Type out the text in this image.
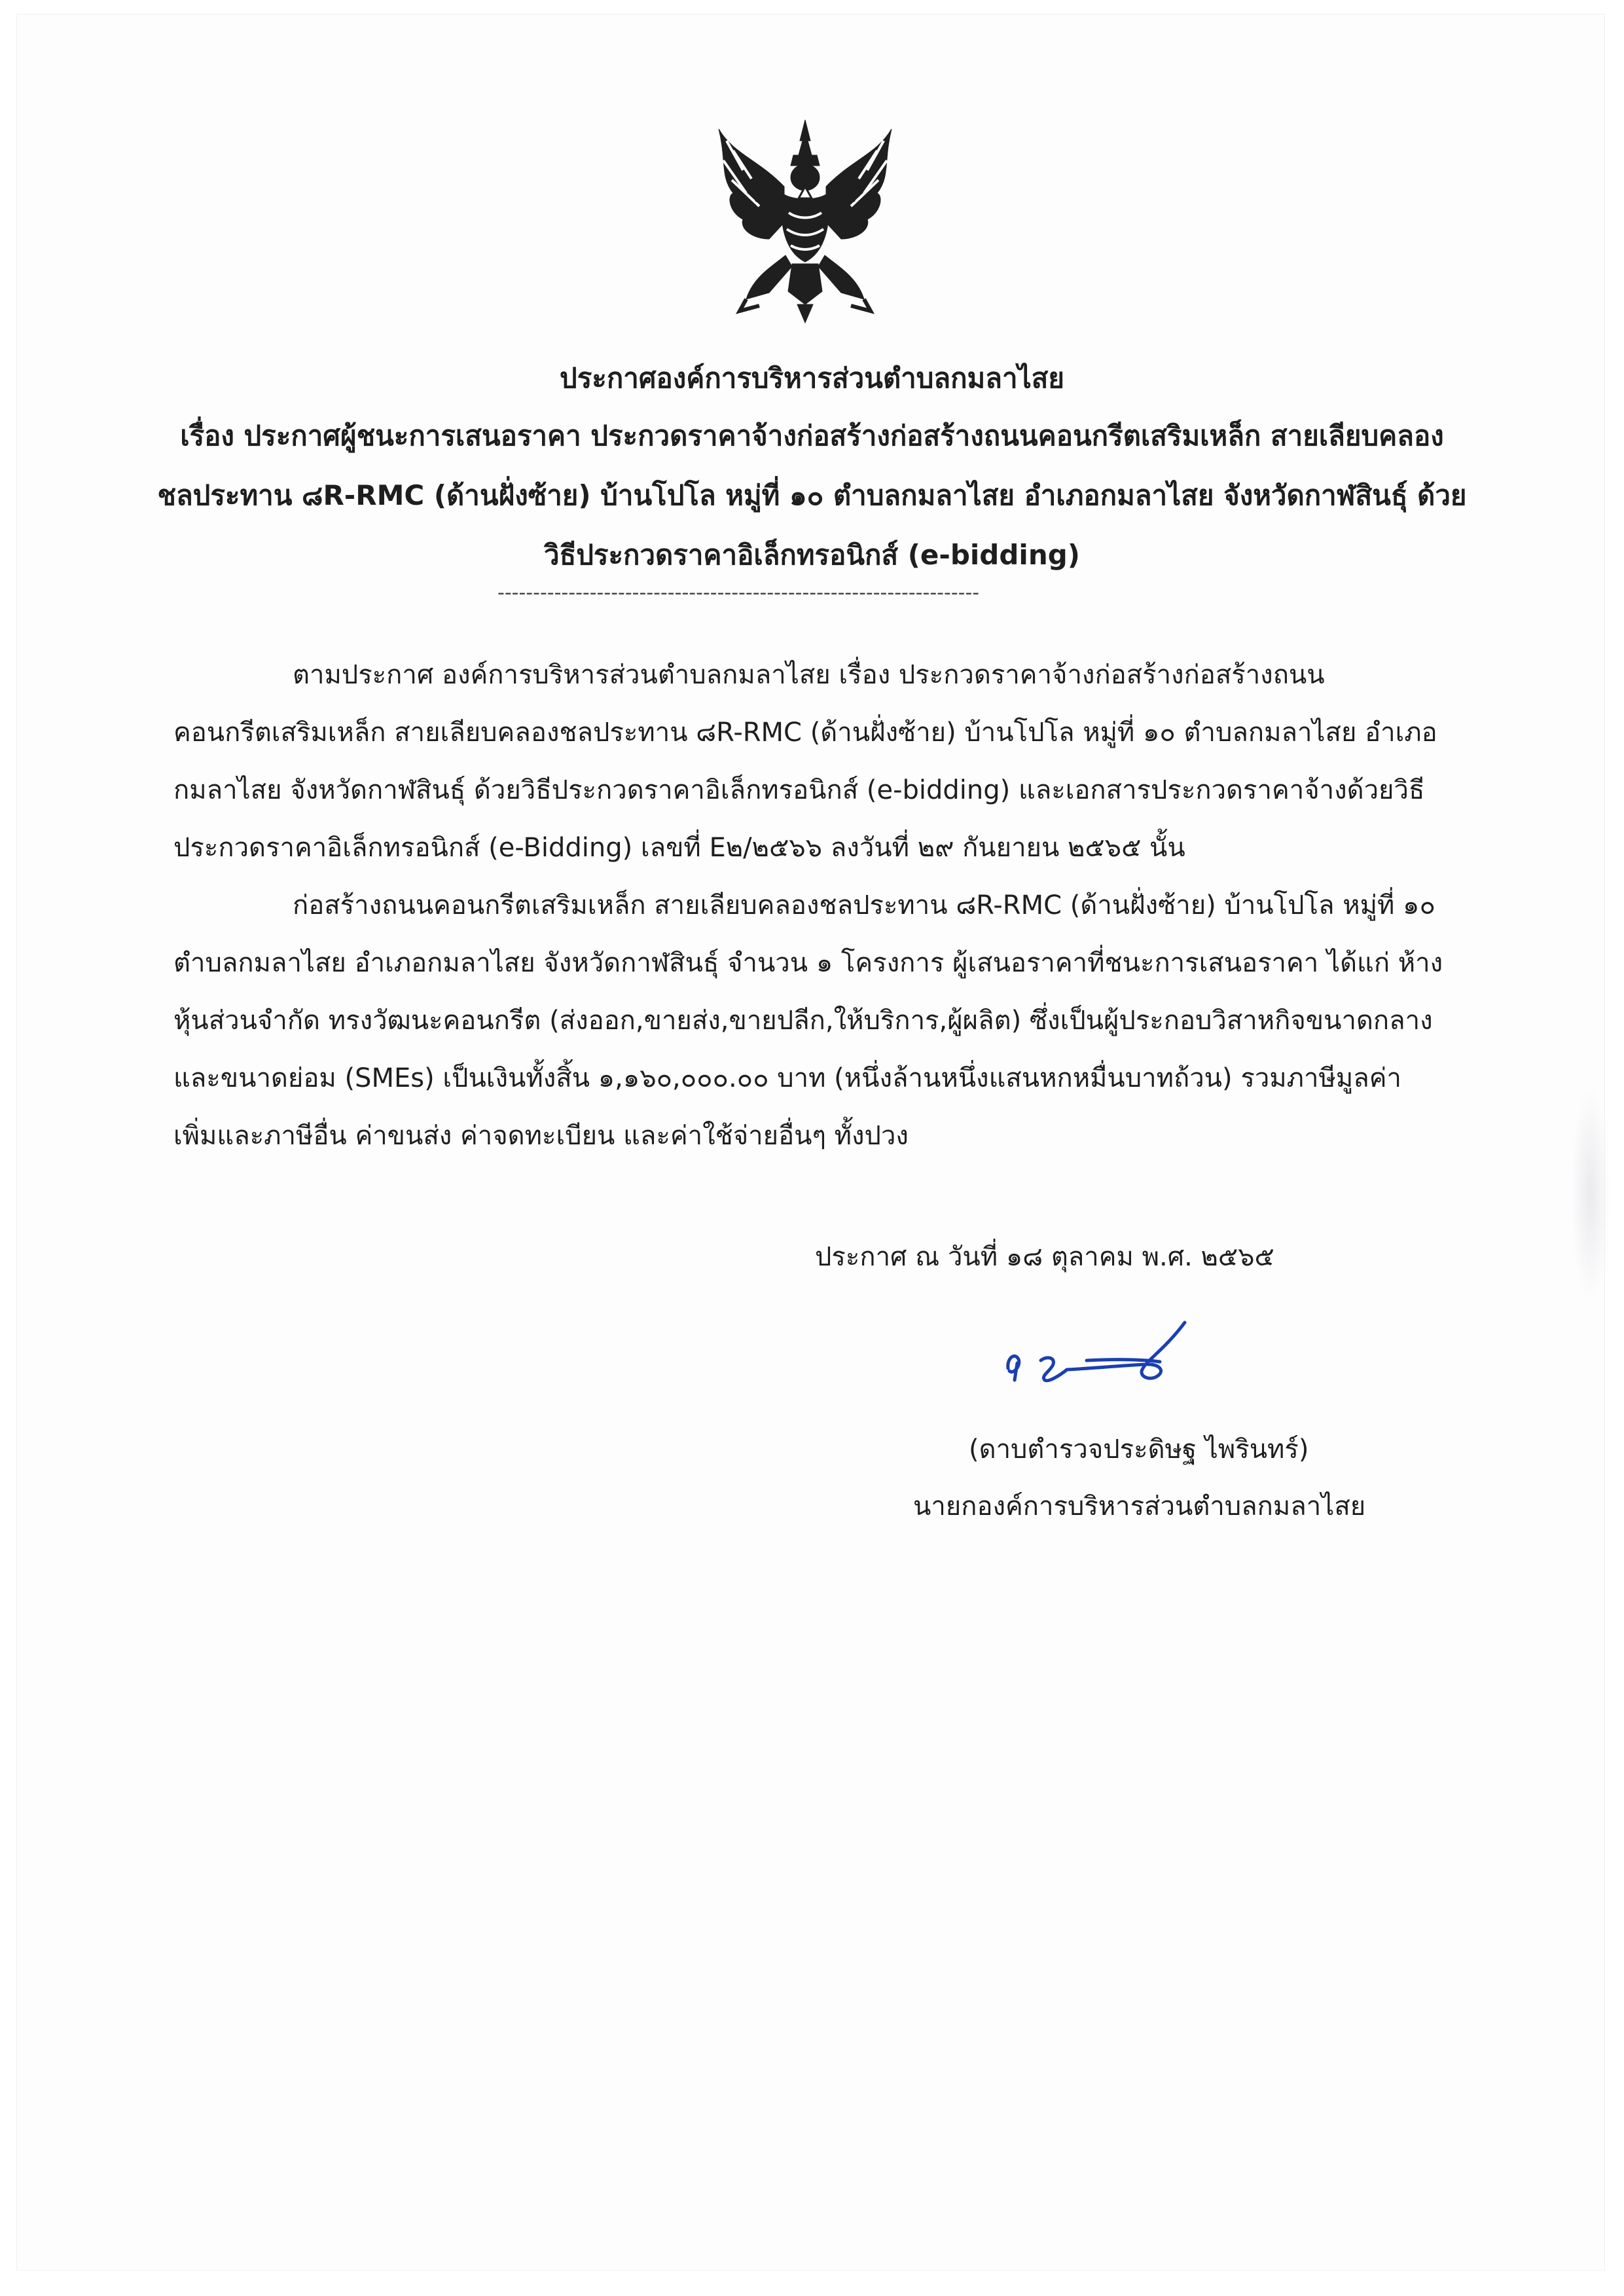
ประกาศองค์การบริหารส่วนตำบลกมลาไสย
เรื่อง ประกาศผู้ชนะการเสนอราคา ประกวดราคาจ้างก่อสร้างก่อสร้างถนนคอนกรีตเสริมเหล็ก สายเลียบคลอง
ชลประทาน ๘R-RMC (ด้านฝั่งซ้าย) บ้านโปโล หมู่ที่ ๑๐ ตำบลกมลาไสย อำเภอกมลาไสย จังหวัดกาฬสินธุ์ ด้วย
วิธีประกวดราคาอิเล็กทรอนิกส์ (e-bidding)
--------------------------------------------------------------------
ตามประกาศ องค์การบริหารส่วนตำบลกมลาไสย เรื่อง ประกวดราคาจ้างก่อสร้างก่อสร้างถนน
คอนกรีตเสริมเหล็ก สายเลียบคลองชลประทาน ๘R-RMC (ด้านฝั่งซ้าย) บ้านโปโล หมู่ที่ ๑๐ ตำบลกมลาไสย อำเภอ
กมลาไสย จังหวัดกาฬสินธุ์ ด้วยวิธีประกวดราคาอิเล็กทรอนิกส์ (e-bidding) และเอกสารประกวดราคาจ้างด้วยวิธี
ประกวดราคาอิเล็กทรอนิกส์ (e-Bidding) เลขที่ E๒/๒๕๖๖ ลงวันที่ ๒๙ กันยายน ๒๕๖๕ นั้น
ก่อสร้างถนนคอนกรีตเสริมเหล็ก สายเลียบคลองชลประทาน ๘R-RMC (ด้านฝั่งซ้าย) บ้านโปโล หมู่ที่ ๑๐
ตำบลกมลาไสย อำเภอกมลาไสย จังหวัดกาฬสินธุ์ จำนวน ๑ โครงการ ผู้เสนอราคาที่ชนะการเสนอราคา ได้แก่ ห้าง
หุ้นส่วนจำกัด ทรงวัฒนะคอนกรีต (ส่งออก,ขายส่ง,ขายปลีก,ให้บริการ,ผู้ผลิต) ซึ่งเป็นผู้ประกอบวิสาหกิจขนาดกลาง
และขนาดย่อม (SMEs) เป็นเงินทั้งสิ้น ๑,๑๖๐,๐๐๐.๐๐ บาท (หนึ่งล้านหนึ่งแสนหกหมื่นบาทถ้วน) รวมภาษีมูลค่า
เพิ่มและภาษีอื่น ค่าขนส่ง ค่าจดทะเบียน และค่าใช้จ่ายอื่นๆ ทั้งปวง
ประกาศ ณ วันที่ ๑๘ ตุลาคม พ.ศ. ๒๕๖๕
(ดาบตำรวจประดิษฐ ไพรินทร์)
นายกองค์การบริหารส่วนตำบลกมลาไสย
